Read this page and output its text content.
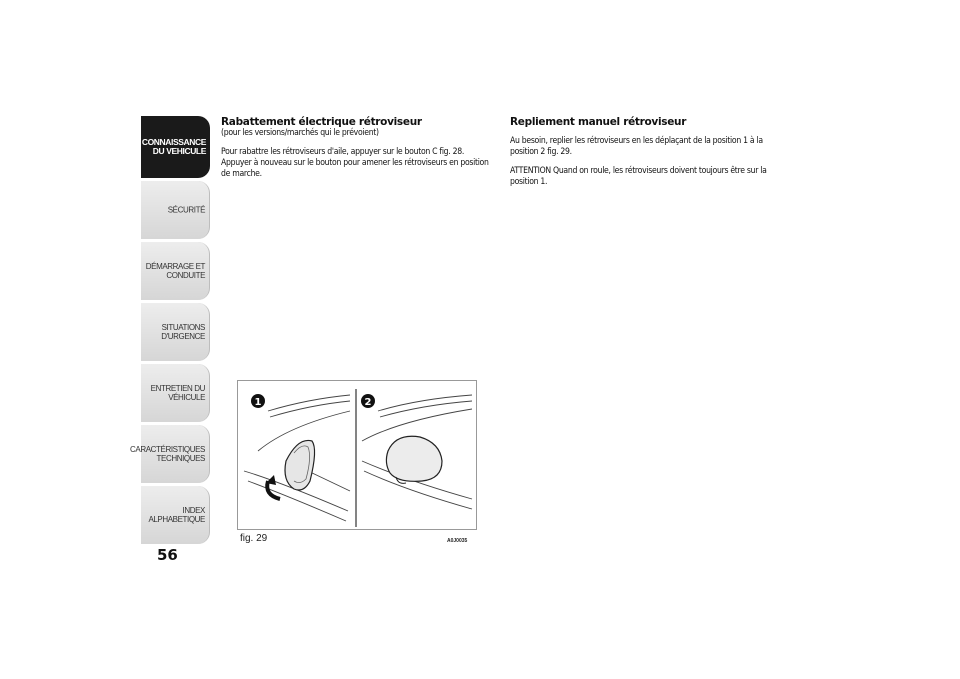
CONNAISSANCE
DU VEHICULE
SÉCURITÉ
DÉMARRAGE ET
CONDUITE
SITUATIONS
D'URGENCE
ENTRETIEN DU
VÉHICULE
CARACTÉRISTIQUES
TECHNIQUES
INDEX
ALPHABETIQUE
56
Rabattement électrique rétroviseur

(pour les versions/marchés qui le prévoient)

Pour rabattre les rétroviseurs d'aile, appuyer sur le bouton C fig. 28. Appuyer à nouveau sur le bouton pour amener les rétroviseurs en position de marche.

Repliement manuel rétroviseur

Au besoin, replier les rétroviseurs en les déplaçant de la position 1 à la position 2 fig. 29.

ATTENTION Quand on roule, les rétroviseurs doivent toujours être sur la position 1.

1	2
fig. 29	A0J0035
